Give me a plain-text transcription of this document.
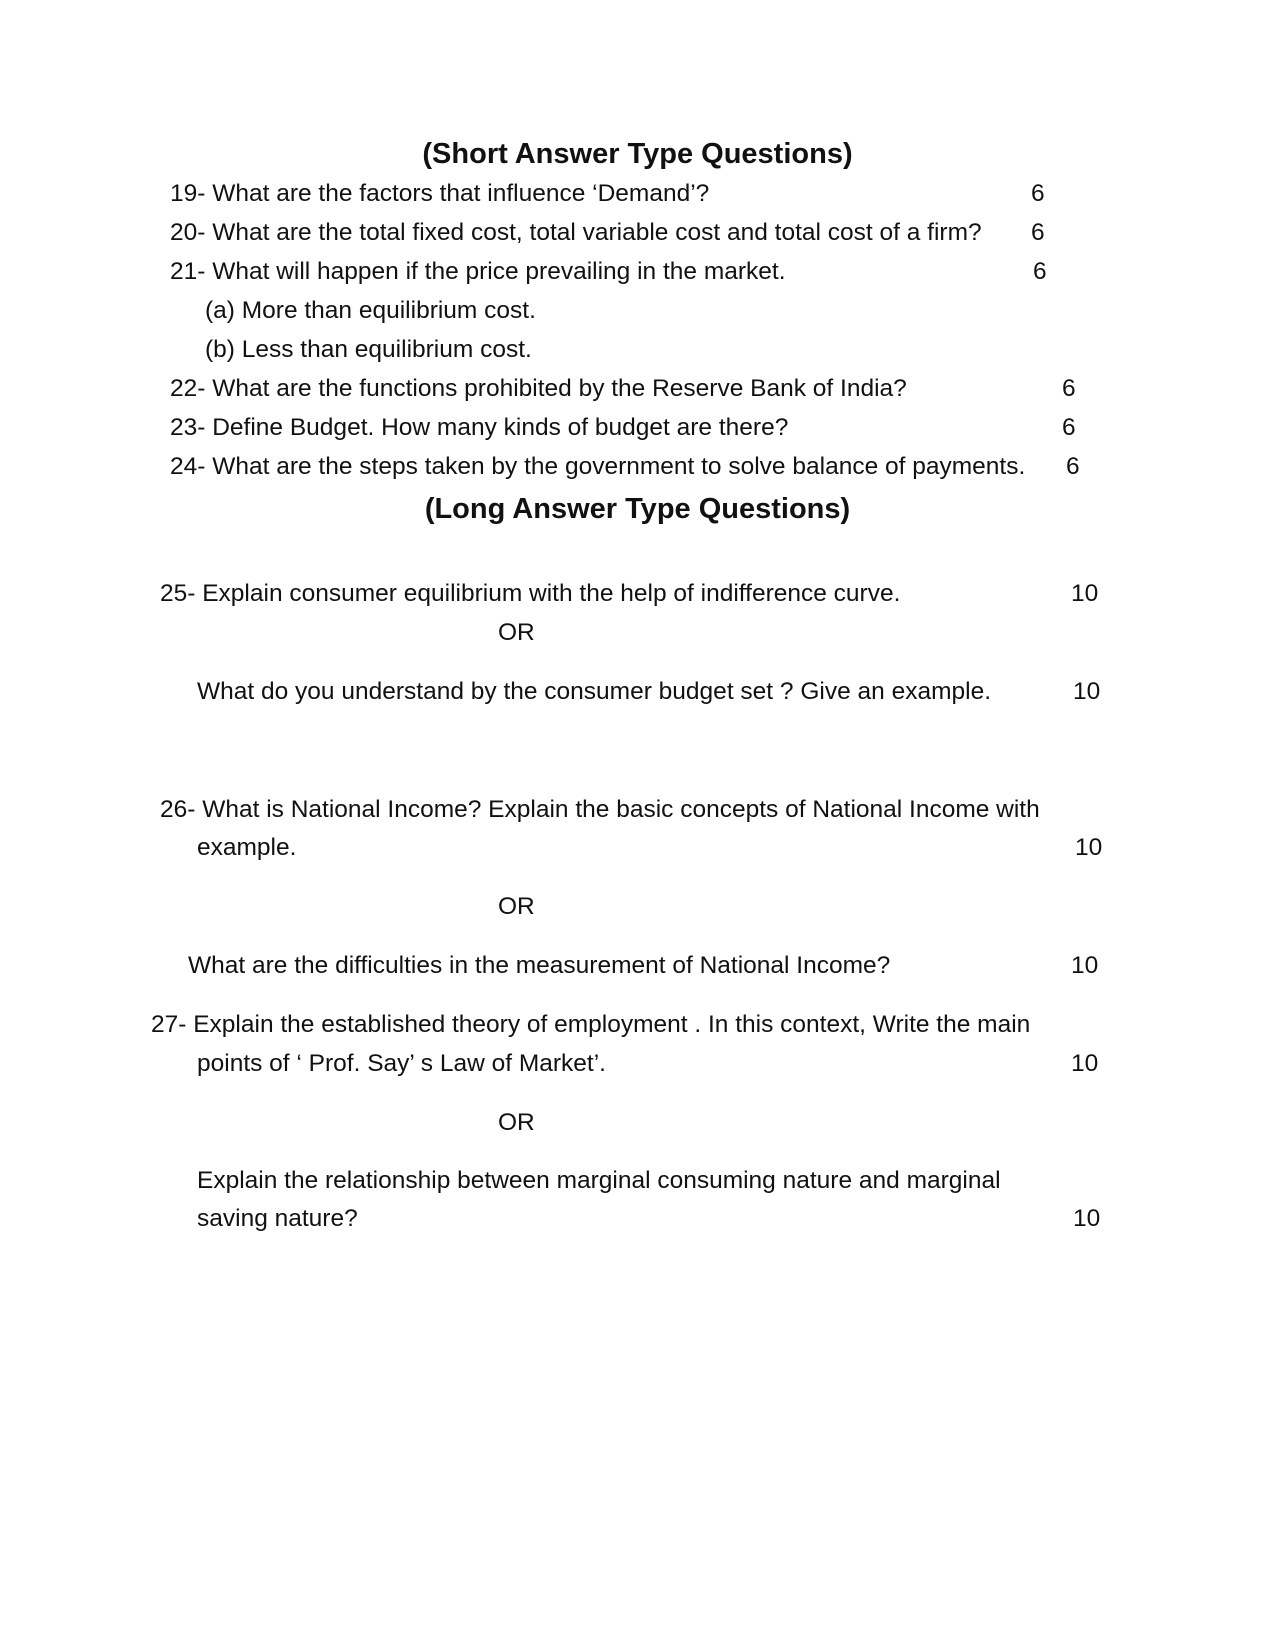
(Short Answer Type Questions)
19- What are the factors that influence ‘Demand’?	6
20- What are the total fixed cost, total variable cost and total cost of a firm? 6
21- What will happen if the price prevailing in the market.	6
(a) More than equilibrium cost.
(b) Less than equilibrium cost.
22- What are the functions prohibited by the Reserve Bank of India?	6
23- Define Budget. How many kinds of budget are there?	6
24- What are the steps taken by the government to solve balance of payments. 6
(Long Answer Type Questions)
25- Explain consumer equilibrium with the help of indifference curve.	10
OR
What do you understand by the consumer budget set ? Give an example.	10
26- What is National Income? Explain the basic concepts of National Income with
example.	10
OR
What are the difficulties in the measurement of National Income?	10
27- Explain the established theory of employment . In this context, Write the main
points of ‘ Prof. Say’ s Law of Market’.	10
OR
Explain the relationship between marginal consuming nature and marginal
saving nature?	10
